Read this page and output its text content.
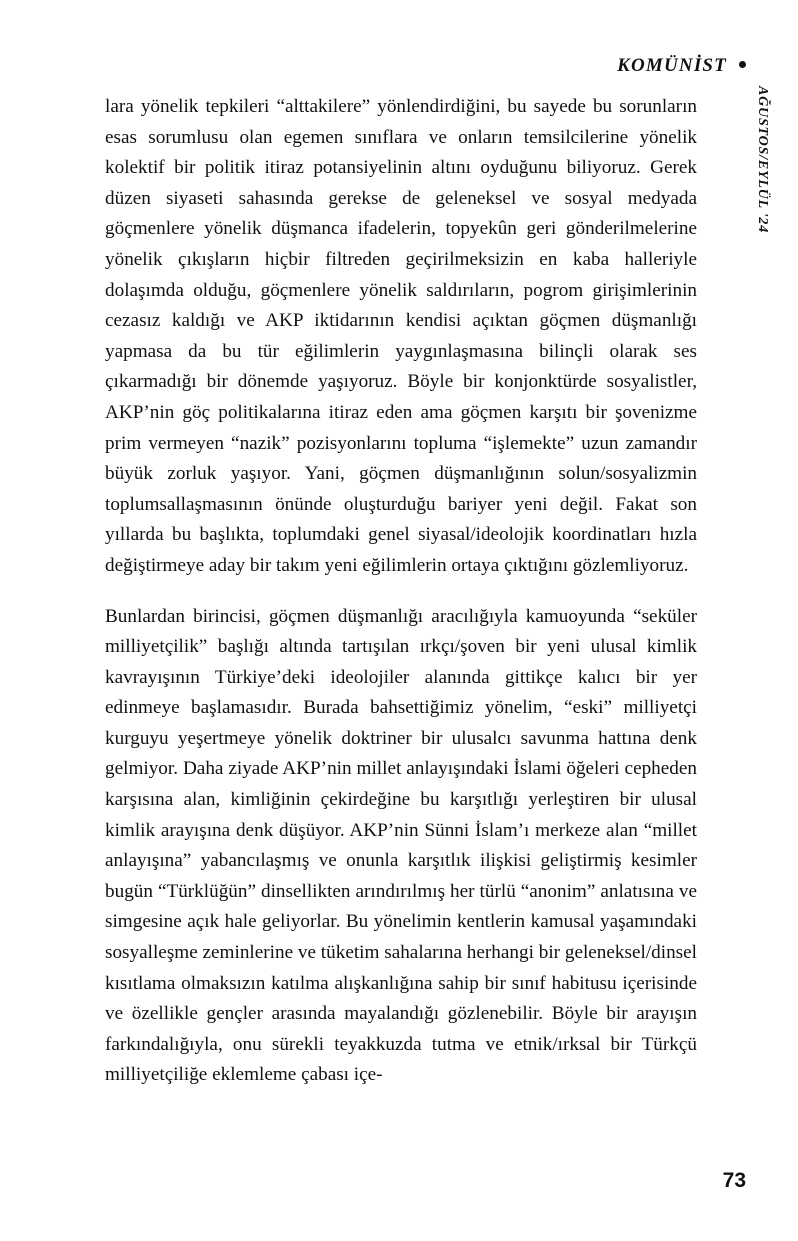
KOMÜNİST
AĞUSTOS/EYLÜL '24

lara yönelik tepkileri “alttakilere” yönlendirdiğini, bu sayede bu sorunların esas sorumlusu olan egemen sınıflara ve onların temsilcilerine yönelik kolektif bir politik itiraz potansiyelinin altını oyduğunu biliyoruz. Gerek düzen siyaseti sahasında gerekse de geleneksel ve sosyal medyada göçmenlere yönelik düşmanca ifadelerin, topyekûn geri gönderilmelerine yönelik çıkışların hiçbir filtreden geçirilmeksizin en kaba halleriyle dolaşımda olduğu, göçmenlere yönelik saldırıların, pogrom girişimlerinin cezasız kaldığı ve AKP iktidarının kendisi açıktan göçmen düşmanlığı yapmasa da bu tür eğilimlerin yaygınlaşmasına bilinçli olarak ses çıkarmadığı bir dönemde yaşıyoruz. Böyle bir konjonktürde sosyalistler, AKP’nin göç politikalarına itiraz eden ama göçmen karşıtı bir şovenizme prim vermeyen “nazik” pozisyonlarını topluma “işlemekte” uzun zamandır büyük zorluk yaşıyor. Yani, göçmen düşmanlığının solun/sosyalizmin toplumsallaşmasının önünde oluşturduğu bariyer yeni değil. Fakat son yıllarda bu başlıkta, toplumdaki genel siyasal/ideolojik koordinatları hızla değiştirmeye aday bir takım yeni eğilimlerin ortaya çıktığını gözlemliyoruz.

Bunlardan birincisi, göçmen düşmanlığı aracılığıyla kamuoyunda “seküler milliyetçilik” başlığı altında tartışılan ırkçı/şoven bir yeni ulusal kimlik kavrayışının Türkiye’deki ideolojiler alanında gittikçe kalıcı bir yer edinmeye başlamasıdır. Burada bahsettiğimiz yönelim, “eski” milliyetçi kurguyu yeşertmeye yönelik doktriner bir ulusalcı savunma hattına denk gelmiyor. Daha ziyade AKP’nin millet anlayışındaki İslami öğeleri cepheden karşısına alan, kimliğinin çekirdeğine bu karşıtlığı yerleştiren bir ulusal kimlik arayışına denk düşüyor. AKP’nin Sünni İslam’ı merkeze alan “millet anlayışına” yabancılaşmış ve onunla karşıtlık ilişkisi geliştirmiş kesimler bugün “Türklüğün” dinsellikten arındırılmış her türlü “anonim” anlatısına ve simgesine açık hale geliyorlar. Bu yönelimin kentlerin kamusal yaşamındaki sosyalleşme zeminlerine ve tüketim sahalarına herhangi bir geleneksel/dinsel kısıtlama olmaksızın katılma alışkanlığına sahip bir sınıf habitusu içerisinde ve özellikle gençler arasında mayalandığı gözlenebilir. Böyle bir arayışın farkındalığıyla, onu sürekli teyakkuzda tutma ve etnik/ırksal bir Türkçü milliyetçiliğe eklemleme çabası içe-

73
